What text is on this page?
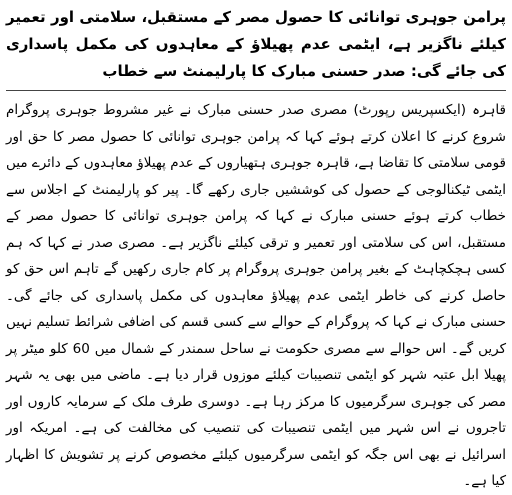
پرامن جوہری توانائی کا حصول مصر کے مستقبل، سلامتی اور تعمیر کیلئے ناگزیر ہے، ایٹمی عدم پھیلاؤ کے معاہدوں کی مکمل پاسداری کی جائے گی: صدر حسنی مبارک کا پارلیمنٹ سے خطاب

قاہرہ (ایکسپریس رپورٹ) مصری صدر حسنی مبارک نے غیر مشروط جوہری پروگرام شروع کرنے کا اعلان کرتے ہوئے کہا کہ پرامن جوہری توانائی کا حصول مصر کا حق اور قومی سلامتی کا تقاضا ہے، قاہرہ جوہری ہتھیاروں کے عدم پھیلاؤ معاہدوں کے دائرے میں ایٹمی ٹیکنالوجی کے حصول کی کوششیں جاری رکھے گا۔ پیر کو پارلیمنٹ کے اجلاس سے خطاب کرتے ہوئے حسنی مبارک نے کہا کہ پرامن جوہری توانائی کا حصول مصر کے مستقبل، اس کی سلامتی اور تعمیر و ترقی کیلئے ناگزیر ہے۔ مصری صدر نے کہا کہ ہم کسی ہچکچاہٹ کے بغیر پرامن جوہری پروگرام پر کام جاری رکھیں گے تاہم اس حق کو حاصل کرنے کی خاطر ایٹمی عدم پھیلاؤ معاہدوں کی مکمل پاسداری کی جائے گی۔ حسنی مبارک نے کہا کہ پروگرام کے حوالے سے کسی قسم کی اضافی شرائط تسلیم نہیں کریں گے۔ اس حوالے سے مصری حکومت نے ساحل سمندر کے شمال میں 60 کلو میٹر پر پھیلا ابل عتبہ شہر کو ایٹمی تنصیبات کیلئے موزوں قرار دیا ہے۔ ماضی میں بھی یہ شہر مصر کی جوہری سرگرمیوں کا مرکز رہا ہے۔ دوسری طرف ملک کے سرمایہ کاروں اور تاجروں نے اس شہر میں ایٹمی تنصیبات کی تنصیب کی مخالفت کی ہے۔ امریکہ اور اسرائیل نے بھی اس جگہ کو ایٹمی سرگرمیوں کیلئے مخصوص کرنے پر تشویش کا اظہار کیا ہے۔
